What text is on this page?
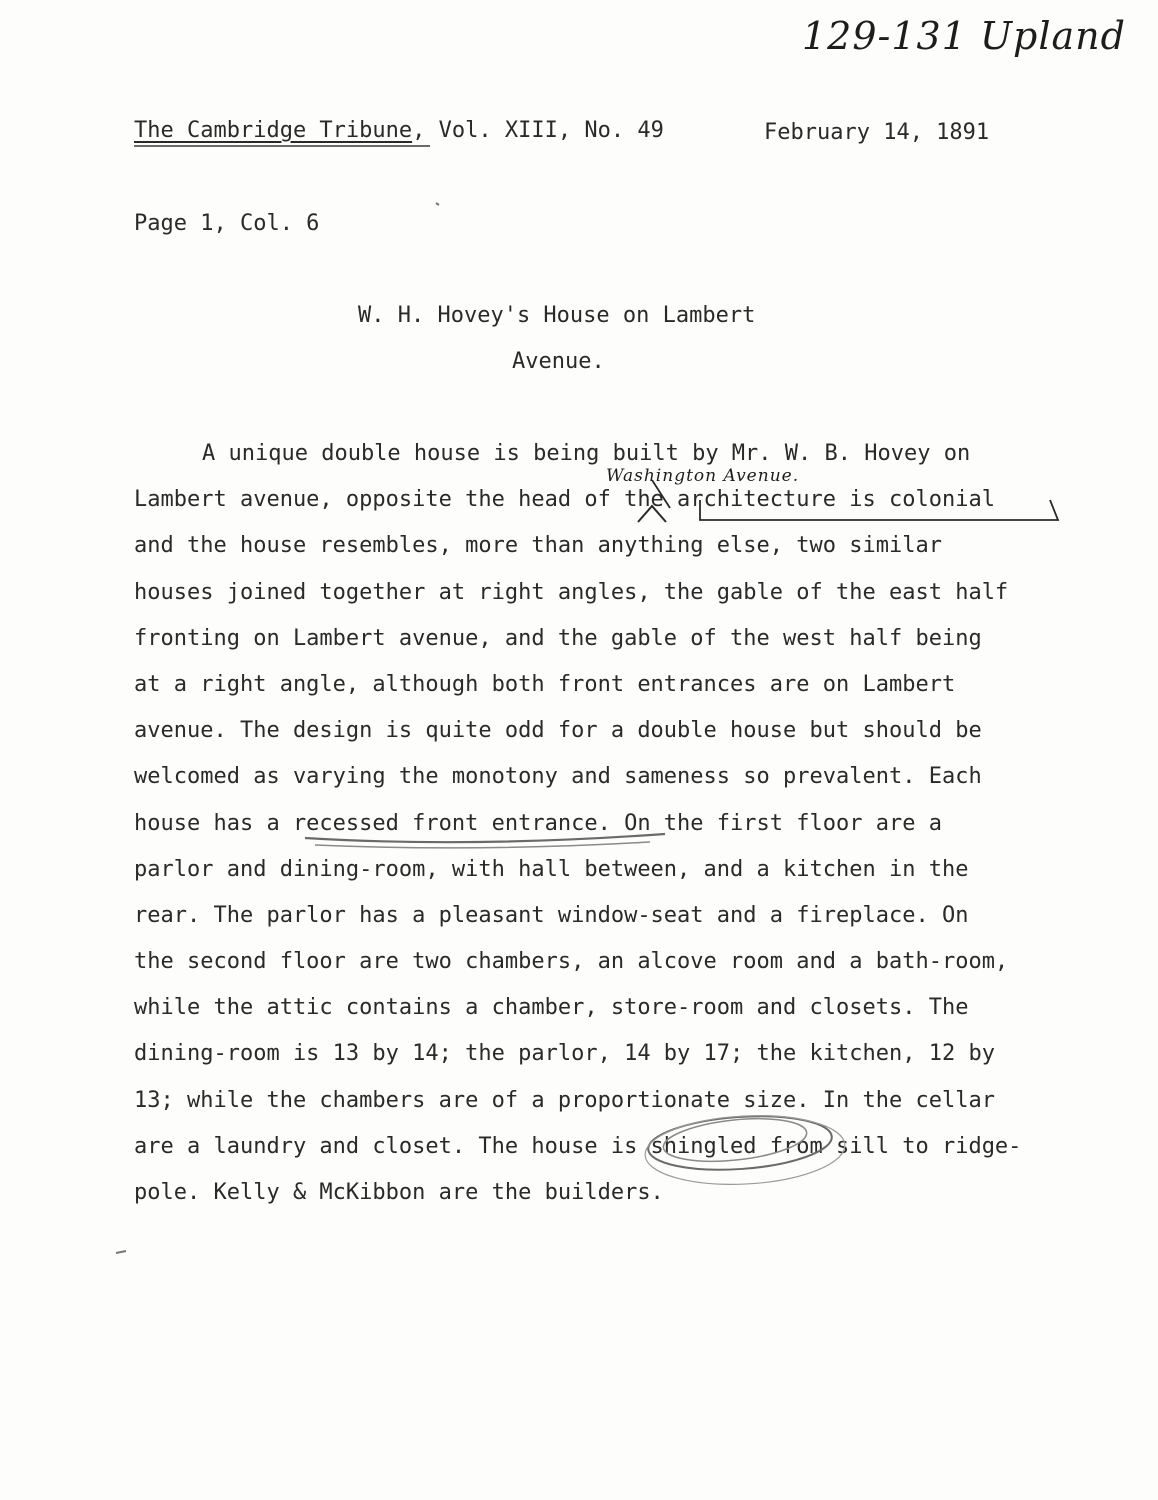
129-131 Upland
The Cambridge Tribune, Vol. XIII, No. 49	February 14, 1891
Page 1, Col. 6
W. H. Hovey's House on Lambert
Avenue.
Washington Avenue.
A unique double house is being built by Mr. W. B. Hovey on
Lambert avenue, opposite the head of the architecture is colonial
and the house resembles, more than anything else, two similar
houses joined together at right angles, the gable of the east half
fronting on Lambert avenue, and the gable of the west half being
at a right angle, although both front entrances are on Lambert
avenue. The design is quite odd for a double house but should be
welcomed as varying the monotony and sameness so prevalent. Each
house has a recessed front entrance. On the first floor are a
parlor and dining-room, with hall between, and a kitchen in the
rear. The parlor has a pleasant window-seat and a fireplace. On
the second floor are two chambers, an alcove room and a bath-room,
while the attic contains a chamber, store-room and closets. The
dining-room is 13 by 14; the parlor, 14 by 17; the kitchen, 12 by
13; while the chambers are of a proportionate size. In the cellar
are a laundry and closet. The house is shingled from sill to ridge-
pole. Kelly & McKibbon are the builders.
